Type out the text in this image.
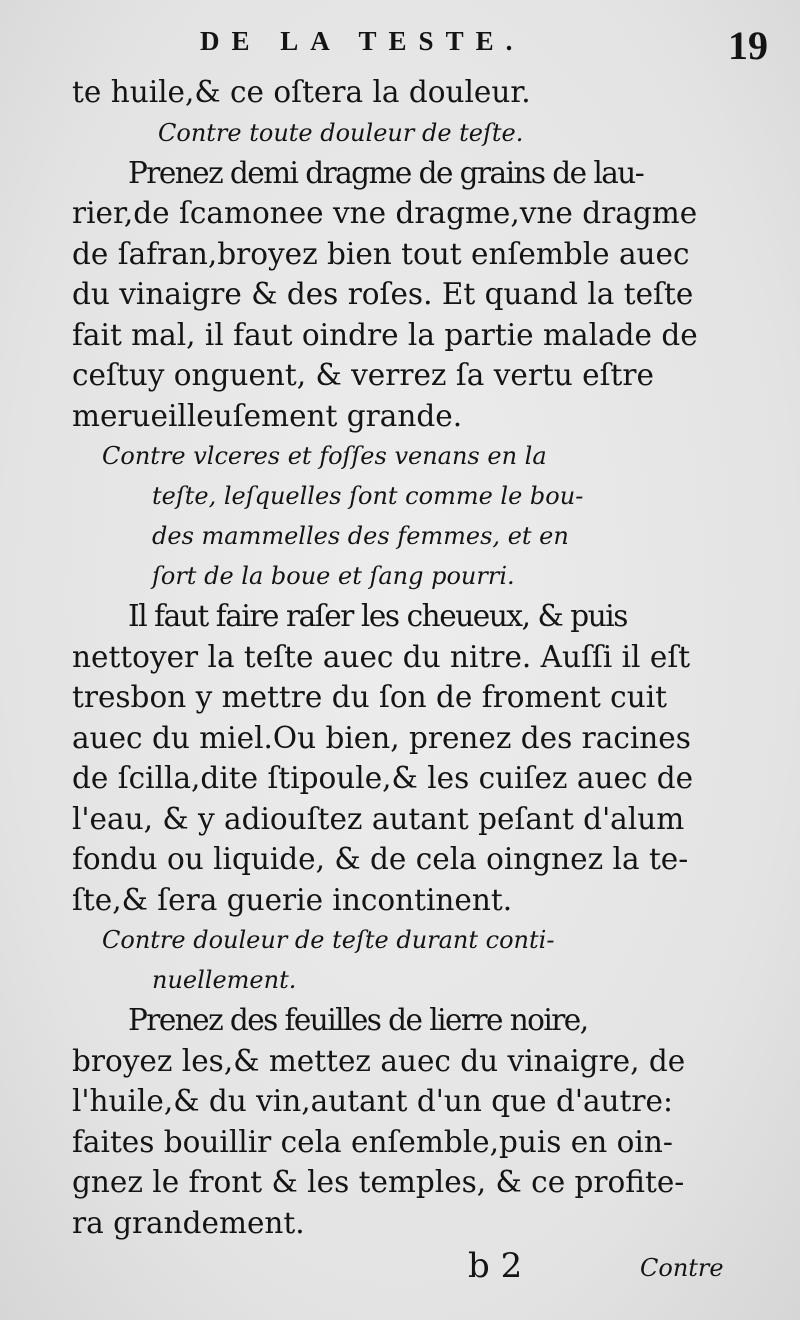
DE LA TESTE.	19

te huile,& ce oſtera la douleur.

Contre toute douleur de teſte.

Prenez demi dragme de grains de lau-

rier,de ſcamonee vne dragme,vne dragme

de ſafran,broyez bien tout enſemble auec

du vinaigre & des roſes. Et quand la teſte

fait mal, il faut oindre la partie malade de

ceſtuy onguent, & verrez ſa vertu eſtre

merueilleuſement grande.

Contre vlceres et foſſes venans en la

teſte, leſquelles ſont comme le bou-

des mammelles des femmes, et en

ſort de la boue et ſang pourri.

Il faut faire raſer les cheueux, & puis

nettoyer la teſte auec du nitre. Auſſi il eſt

tresbon y mettre du ſon de froment cuit

auec du miel.Ou bien, prenez des racines

de ſcilla,dite ſtipoule,& les cuiſez auec de

l'eau, & y adiouſtez autant peſant d'alum

fondu ou liquide, & de cela oingnez la te-

ſte,& ſera guerie incontinent.

Contre douleur de teſte durant conti-

nuellement.

Prenez des feuilles de lierre noire,

broyez les,& mettez auec du vinaigre, de

l'huile,& du vin,autant d'un que d'autre:

faites bouillir cela enſemble,puis en oin-

gnez le front & les temples, & ce profite-

ra grandement.

b 2	Contre
